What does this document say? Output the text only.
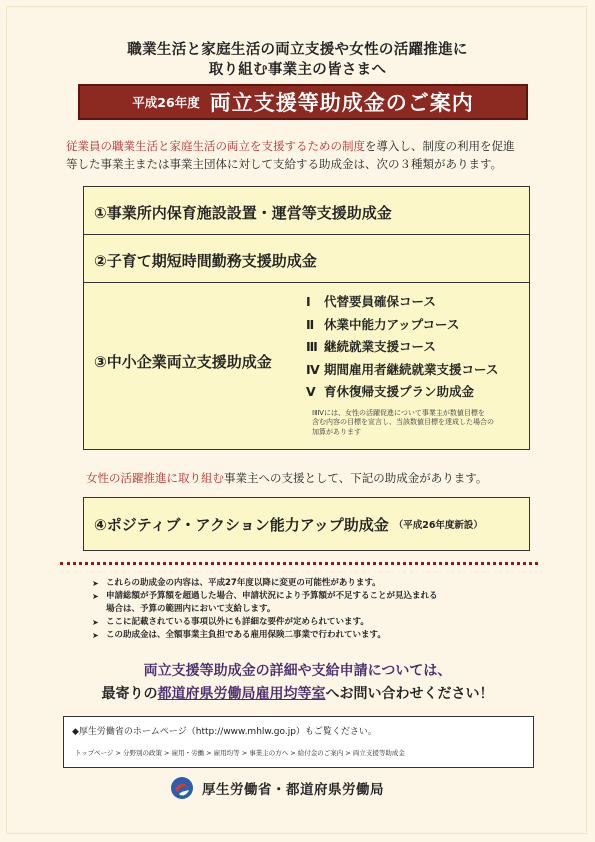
職業生活と家庭生活の両立支援や女性の活躍推進に
取り組む事業主の皆さまへ
平成26年度 両立支援等助成金のご案内
従業員の職業生活と家庭生活の両立を支援するための制度を導入し、制度の利用を促進
等した事業主または事業主団体に対して支給する助成金は、次の３種類があります。
①事業所内保育施設設置・運営等支援助成金
②子育て期短時間勤務支援助成金
③中小企業両立支援助成金
Ⅰ 代替要員確保コース
Ⅱ 休業中能力アップコース
Ⅲ 継続就業支援コース
Ⅳ 期間雇用者継続就業支援コース
Ⅴ 育休復帰支援プラン助成金
ⅠⅡⅣには、女性の活躍促進について事業主が数値目標を
含む内容の目標を宣言し、当該数値目標を達成した場合の
加算があります
女性の活躍推進に取り組む事業主への支援として、下記の助成金があります。
④ポジティブ・アクション能力アップ助成金 （平成26年度新設）
➤ これらの助成金の内容は、平成27年度以降に変更の可能性があります。
➤ 申請総額が予算額を超過した場合、申請状況により予算額が不足することが見込まれる
場合は、予算の範囲内において支給します。
➤ ここに記載されている事項以外にも詳細な要件が定められています。
➤ この助成金は、全額事業主負担である雇用保険二事業で行われています。
両立支援等助成金の詳細や支給申請については、
最寄りの都道府県労働局雇用均等室へお問い合わせください！
◆厚生労働省のホームページ（http://www.mhlw.go.jp）もご覧ください。
トップページ > 分野別の政策 > 雇用・労働 > 雇用均等 > 事業主の方へ > 給付金のご案内 > 両立支援等助成金
厚生労働省・都道府県労働局
